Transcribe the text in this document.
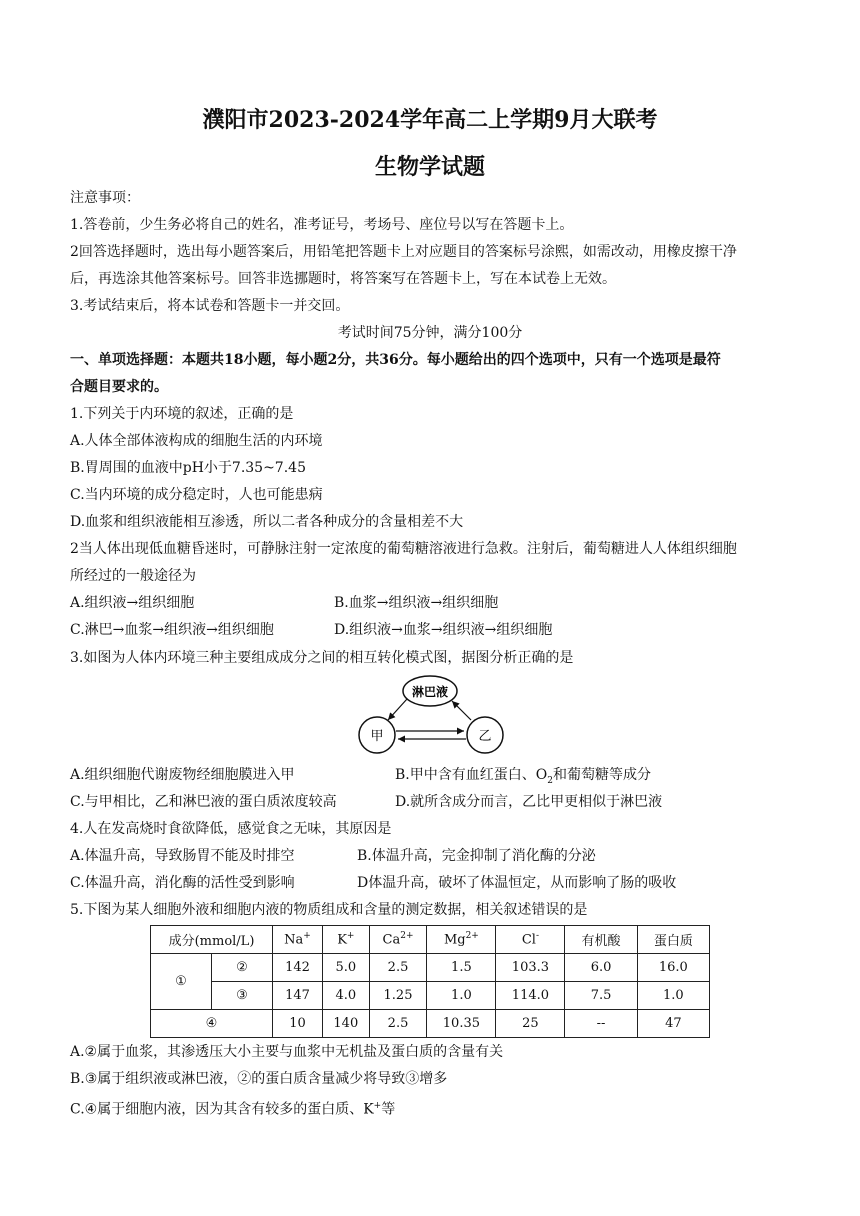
濮阳市2023-2024学年高二上学期9月大联考
生物学试题
注意事项：
1.答卷前，少生务必将自己的姓名，准考证号，考场号、座位号以写在答题卡上。
2回答选择题时，选出每小题答案后，用铅笔把答题卡上对应题目的答案标号涂熙，如需改动，用橡皮擦干净
后，再选涂其他答案标号。回答非选挪题时，将答案写在答题卡上，写在本试卷上无效。
3.考试结束后，将本试卷和答题卡一并交回。
考试时间75分钟，满分100分
一、单项选择题：本题共18小题，每小题2分，共36分。每小题给出的四个选项中，只有一个选项是最符
合题目要求的。
1.下列关于内环境的叙述，正确的是
A.人体全部体液构成的细胞生活的内环境
B.胃周围的血液中pH小于7.35~7.45
C.当内环境的成分稳定时，人也可能患病
D.血浆和组织液能相互渗透，所以二者各种成分的含量相差不大
2当人体出现低血糖昏迷时，可静脉注射一定浓度的葡萄糖溶液进行急救。注射后，葡萄糖进人人体组织细胞
所经过的一般途径为
A.组织液→组织细胞	B.血浆→组织液→组织细胞
C.淋巴→血浆→组织液→组织细胞	D.组织液→血浆→组织液→组织细胞
3.如图为人体内环境三种主要组成成分之间的相互转化模式图，据图分析正确的是
淋巴液
甲	乙
A.组织细胞代谢废物经细胞膜进入甲	B.甲中含有血红蛋白、$O_2$和葡萄糖等成分
C.与甲相比，乙和淋巴液的蛋白质浓度较高	D.就所含成分而言，乙比甲更相似于淋巴液
4.人在发高烧时食欲降低，感觉食之无味，其原因是
A.体温升高，导致肠胃不能及时排空	B.体温升高，完金抑制了消化酶的分泌
C.体温升高，消化酶的活性受到影响	D体温升高，破坏了体温恒定，从而影响了肠的吸收
5.下图为某人细胞外液和细胞内液的物质组成和含量的测定数据，相关叙述错误的是
成分(mmol/L)		Na+	K+	$Ca^{2+}$	$Mg^{2+}$	Cl-	有机酸	蛋白质
①	②	142	5.0	2.5	1.5	103.3	6.0	16.0
	③	147	4.0	1.25	1.0	114.0	7.5	1.0
④		10	140	2.5	10.35	25	--	47
A.②属于血浆，其渗透压大小主要与血浆中无机盐及蛋白质的含量有关
B.③属于组织液或淋巴液，②的蛋白质含量减少将导致③增多
C.④属于细胞内液，因为其含有较多的蛋白质、K+等
